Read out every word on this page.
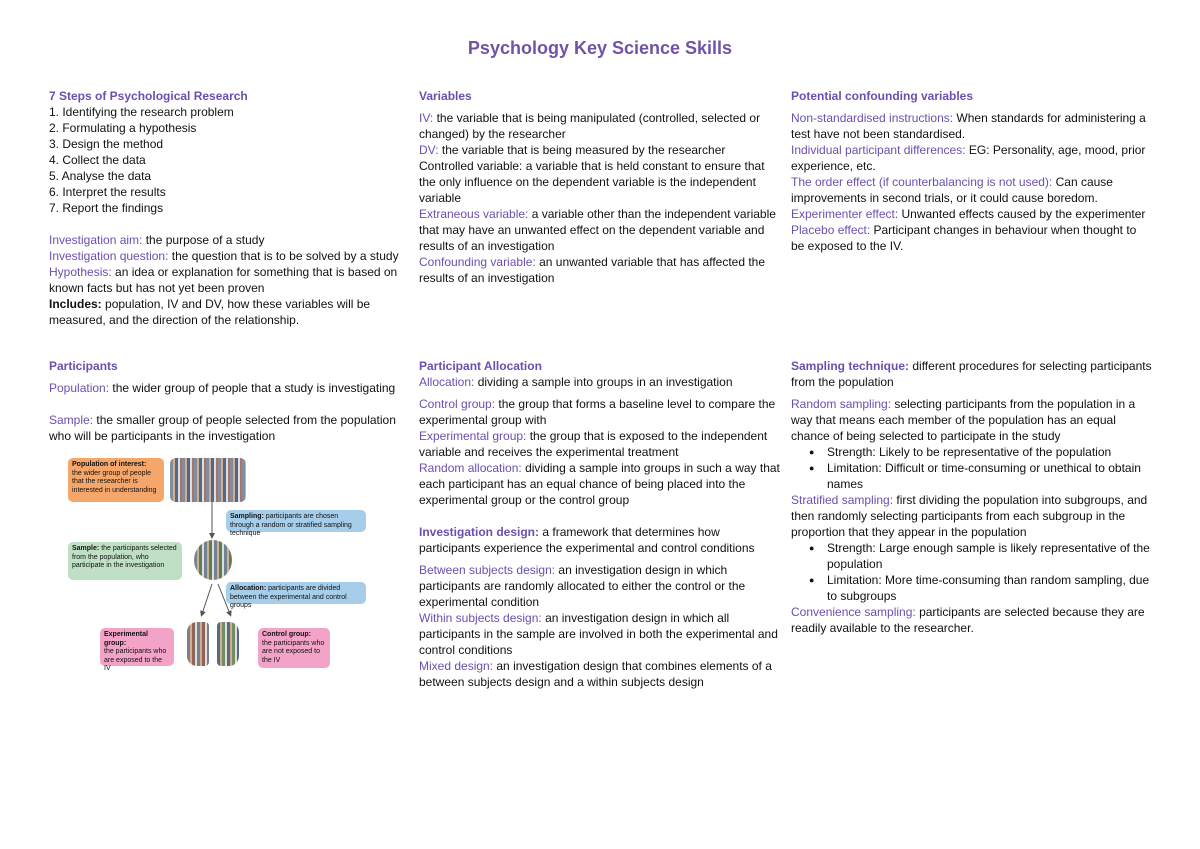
Psychology Key Science Skills

7 Steps of Psychological Research

1. Identifying the research problem

2. Formulating a hypothesis

3. Design the method

4. Collect the data

5. Analyse the data

6. Interpret the results

7. Report the findings

Investigation aim: the purpose of a study

Investigation question: the question that is to be solved by a study

Hypothesis: an idea or explanation for something that is based on known facts but has not yet been proven

Includes: population, IV and DV, how these variables will be measured, and the direction of the relationship.

Variables

IV: the variable that is being manipulated (controlled, selected or changed) by the researcher

DV: the variable that is being measured by the researcher

Controlled variable: a variable that is held constant to ensure that the only influence on the dependent variable is the independent variable

Extraneous variable: a variable other than the independent variable that may have an unwanted effect on the dependent variable and results of an investigation

Confounding variable: an unwanted variable that has affected the results of an investigation

Potential confounding variables

Non-standardised instructions: When standards for administering a test have not been standardised.

Individual participant differences: EG: Personality, age, mood, prior experience, etc.

The order effect (if counterbalancing is not used): Can cause improvements in second trials, or it could cause boredom.

Experimenter effect: Unwanted effects caused by the experimenter

Placebo effect: Participant changes in behaviour when thought to be exposed to the IV.

Participants

Population: the wider group of people that a study is investigating

Sample: the smaller group of people selected from the population who will be participants in the investigation

Population of interest:
the wider group of people that the researcher is interested in understanding
Sampling: participants are chosen through a random or stratified sampling technique
Sample: the participants selected from the population, who participate in the investigation
Allocation: participants are divided between the experimental and control groups
Experimental group:
the participants who are exposed to the IV
Control group:
the participants who are not exposed to the IV

Participant Allocation

Allocation: dividing a sample into groups in an investigation

Control group: the group that forms a baseline level to compare the experimental group with

Experimental group: the group that is exposed to the independent variable and receives the experimental treatment

Random allocation: dividing a sample into groups in such a way that each participant has an equal chance of being placed into the experimental group or the control group

Investigation design: a framework that determines how participants experience the experimental and control conditions

Between subjects design: an investigation design in which participants are randomly allocated to either the control or the experimental condition

Within subjects design: an investigation design in which all participants in the sample are involved in both the experimental and control conditions

Mixed design: an investigation design that combines elements of a between subjects design and a within subjects design

Sampling technique: different procedures for selecting participants from the population

Random sampling: selecting participants from the population in a way that means each member of the population has an equal chance of being selected to participate in the study

● Strength: Likely to be representative of the population
● Limitation: Difficult or time-consuming or unethical to obtain names

Stratified sampling: first dividing the population into subgroups, and then randomly selecting participants from each subgroup in the proportion that they appear in the population

● Strength: Large enough sample is likely representative of the population
● Limitation: More time-consuming than random sampling, due to subgroups

Convenience sampling: participants are selected because they are readily available to the researcher.
